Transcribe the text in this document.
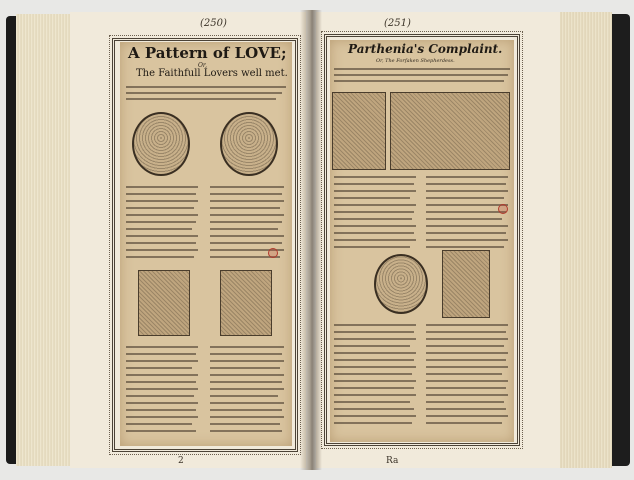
(250)
A Pattern of LOVE;
Or,
The Faithfull Lovers well met.
2
(251)
Parthenia's Complaint.
Or, The Forfaken Shepherdess.
Ra
